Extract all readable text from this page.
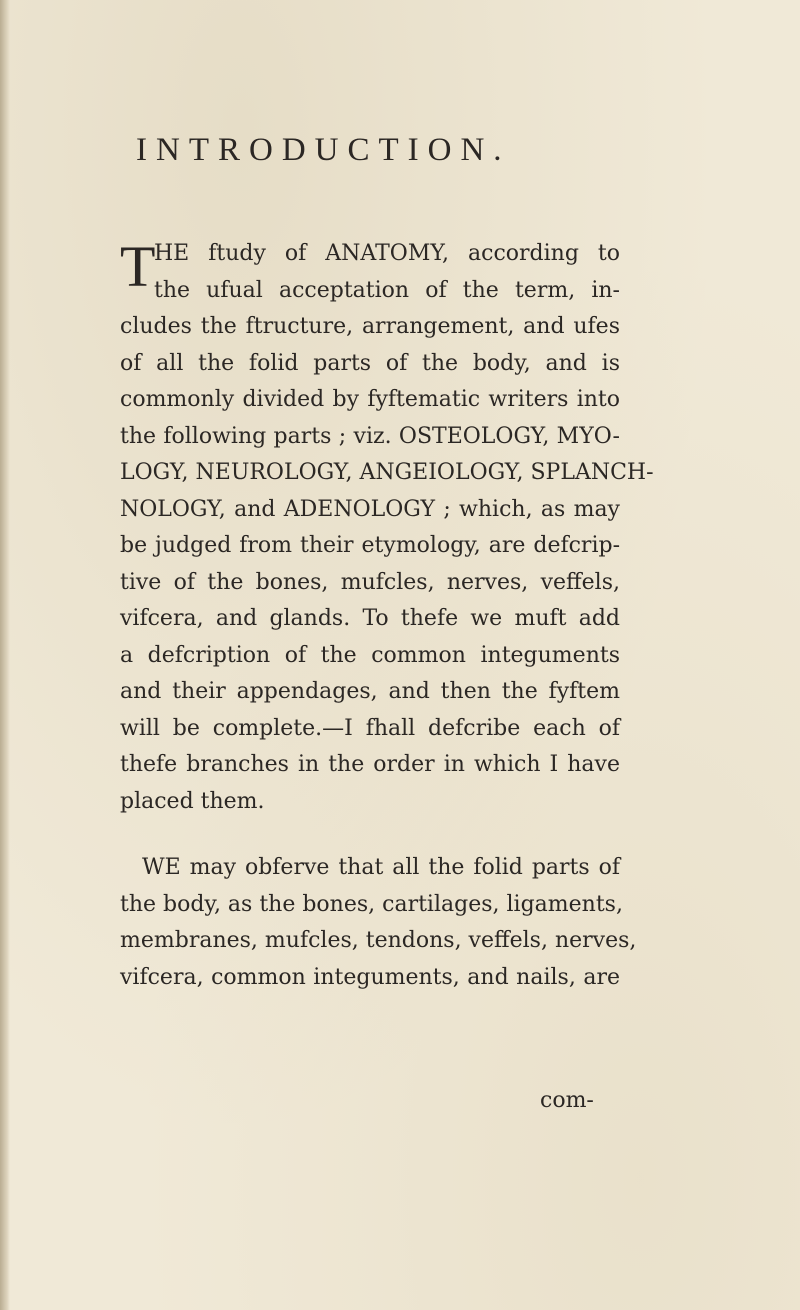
INTRODUCTION.
T
HE ftudy of ANATOMY, according to
the ufual acceptation of the term, in-
cludes the ftructure, arrangement, and ufes
of all the folid parts of the body, and is
commonly divided by fyftematic writers into
the following parts ; viz. OSTEOLOGY, MYO-
LOGY, NEUROLOGY, ANGEIOLOGY, SPLANCH-
NOLOGY, and ADENOLOGY ; which, as may
be judged from their etymology, are defcrip-
tive of the bones, mufcles, nerves, veffels,
vifcera, and glands. To thefe we muft add
a defcription of the common integuments
and their appendages, and then the fyftem
will be complete.—I fhall defcribe each of
thefe branches in the order in which I have
placed them.
WE may obferve that all the folid parts of
the body, as the bones, cartilages, ligaments,
membranes, mufcles, tendons, veffels, nerves,
vifcera, common integuments, and nails, are
com-
